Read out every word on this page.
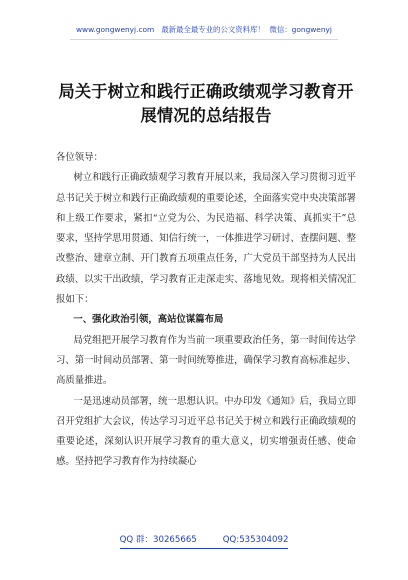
www.gongwenyj.com 最新最全最专业的公文资料库！ 微信：gongwenyj
局关于树立和践行正确政绩观学习教育开展情况的总结报告

各位领导：

树立和践行正确政绩观学习教育开展以来，我局深入学习贯彻习近平总书记关于树立和践行正确政绩观的重要论述，全面落实党中央决策部署和上级工作要求，紧扣“立党为公、为民造福、科学决策、真抓实干”总要求，坚持学思用贯通、知信行统一，一体推进学习研讨、查摆问题、整改整治、建章立制、开门教育五项重点任务，广大党员干部坚持为人民出政绩、以实干出政绩，学习教育正走深走实、落地见效。现将相关情况汇报如下：

一、强化政治引领，高站位谋篇布局

局党组把开展学习教育作为当前一项重要政治任务，第一时间传达学习、第一时间动员部署、第一时间统筹推进，确保学习教育高标准起步、高质量推进。

一是迅速动员部署，统一思想认识。中办印发《通知》后，我局立即召开党组扩大会议，传达学习习近平总书记关于树立和践行正确政绩观的重要论述，深刻认识开展学习教育的重大意义，切实增强责任感、使命感。坚持把学习教育作为持续凝心

QQ 群：30265665	QQ:535304092
